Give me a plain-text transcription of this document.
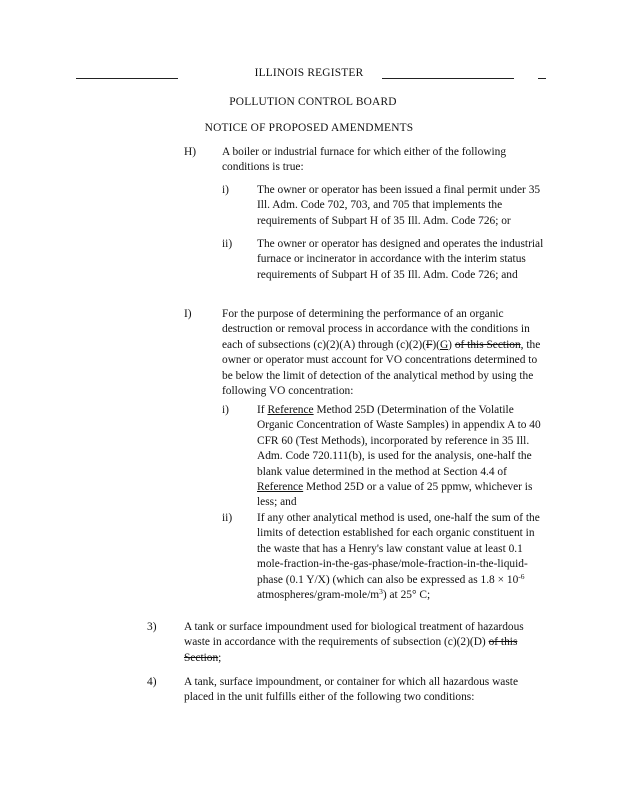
ILLINOIS REGISTER
POLLUTION CONTROL BOARD
NOTICE OF PROPOSED AMENDMENTS
H) A boiler or industrial furnace for which either of the following conditions is true:
i) The owner or operator has been issued a final permit under 35 Ill. Adm. Code 702, 703, and 705 that implements the requirements of Subpart H of 35 Ill. Adm. Code 726; or
ii) The owner or operator has designed and operates the industrial furnace or incinerator in accordance with the interim status requirements of Subpart H of 35 Ill. Adm. Code 726; and
I)	For the purpose of determining the performance of an organic destruction or removal process in accordance with the conditions in each of subsections (c)(2)(A) through (c)(2)(F)(G) of this Section, the owner or operator must account for VO concentrations determined to be below the limit of detection of the analytical method by using the following VO concentration:
i) If Reference Method 25D (Determination of the Volatile Organic Concentration of Waste Samples) in appendix A to 40 CFR 60 (Test Methods), incorporated by reference in 35 Ill. Adm. Code 720.111(b), is used for the analysis, one-half the blank value determined in the method at Section 4.4 of Reference Method 25D or a value of 25 ppmw, whichever is less; and
ii) If any other analytical method is used, one-half the sum of the limits of detection established for each organic constituent in the waste that has a Henry's law constant value at least 0.1 mole-fraction-in-the-gas-phase/mole-fraction-in-the-liquid-phase (0.1 Y/X) (which can also be expressed as $1.8 \times 10^{-6}$ atmospheres/$gram-mole/m^3$) at 25° C;
3) A tank or surface impoundment used for biological treatment of hazardous waste in accordance with the requirements of subsection (c)(2)(D) of this Section;
4) A tank, surface impoundment, or container for which all hazardous waste placed in the unit fulfills either of the following two conditions:
